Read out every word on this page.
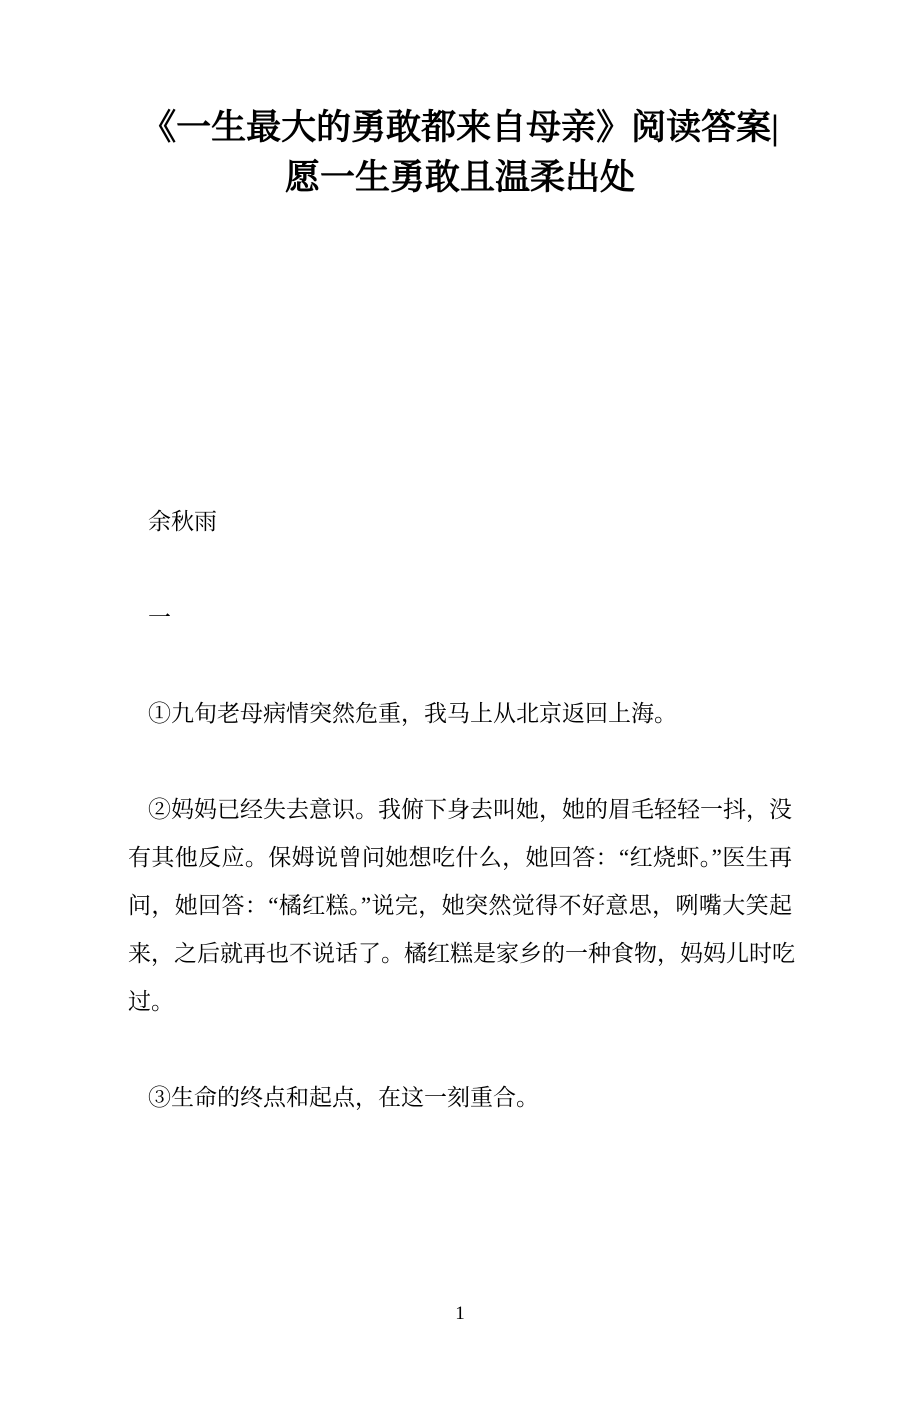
《一生最大的勇敢都来自母亲》阅读答案|
愿一生勇敢且温柔出处

余秋雨

一

①九旬老母病情突然危重，我马上从北京返回上海。

②妈妈已经失去意识。我俯下身去叫她，她的眉毛轻轻一抖，没
有其他反应。保姆说曾问她想吃什么，她回答：“红烧虾。”医生再
问，她回答：“橘红糕。”说完，她突然觉得不好意思，咧嘴大笑起
来，之后就再也不说话了。橘红糕是家乡的一种食物，妈妈儿时吃
过。

③生命的终点和起点，在这一刻重合。

1
